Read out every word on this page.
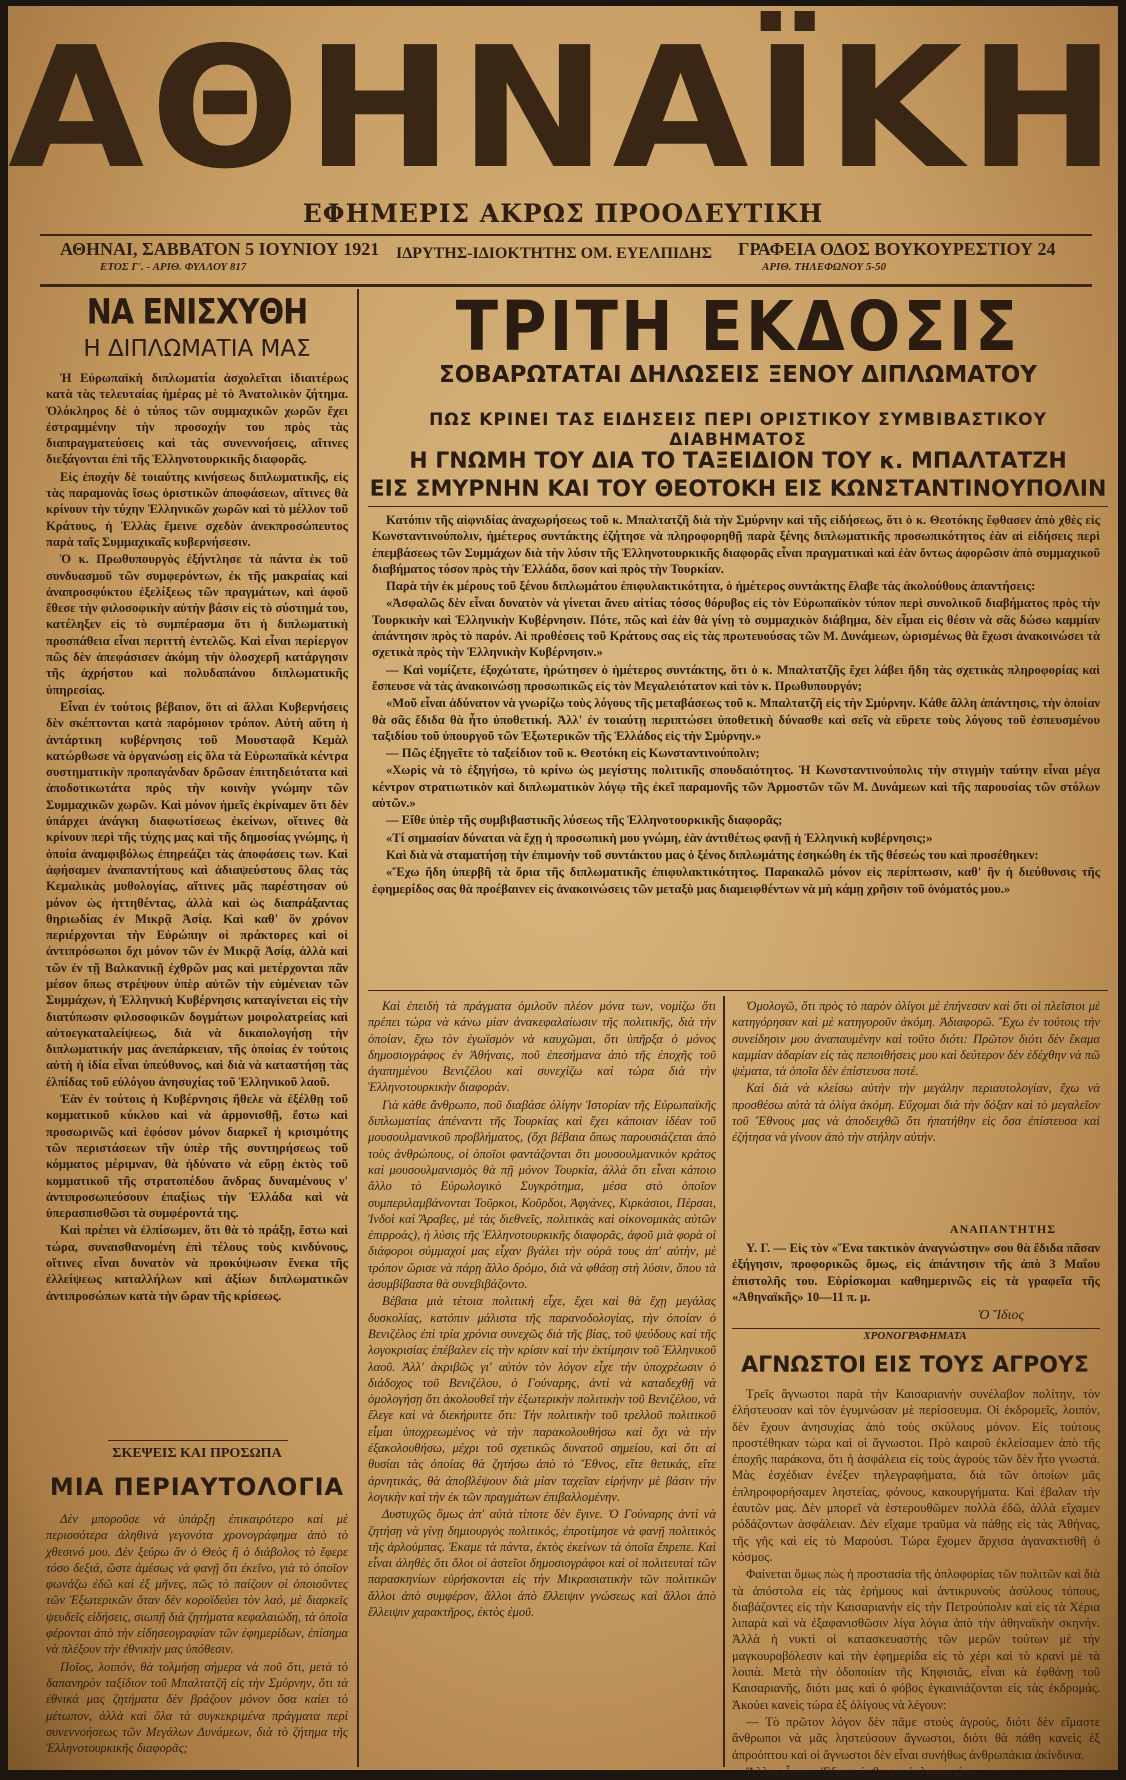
ΑΘΗΝΑΪΚΗ
ΕΦΗΜΕΡΙΣ ΑΚΡΩΣ ΠΡΟΟΔΕΥΤΙΚΗ
ΑΘΗΝΑΙ, ΣΑΒΒΑΤΟΝ 5 ΙΟΥΝΙΟΥ 1921
ΕΤΟΣ Γ'. - ΑΡΙΘ. ΦΥΛΛΟΥ 817
ΙΔΡΥΤΗΣ-ΙΔΙΟΚΤΗΤΗΣ ΟΜ. ΕΥΕΛΠΙΔΗΣ ΓΡΑΦΕΙΑ ΟΔΟΣ ΒΟΥΚΟΥΡΕΣΤΙΟΥ 24
ΑΡΙΘ. ΤΗΛΕΦΩΝΟΥ 5-50
ΝΑ ΕΝΙΣΧΥΘΗ
Η ΔΙΠΛΩΜΑΤΙΑ ΜΑΣ

Ἡ Εὐρωπαϊκὴ διπλωματία ἀσχολεῖται ἰδιαιτέρως κατὰ τὰς τελευταίας ἡμέρας μὲ τὸ Ἀνατολικὸν ζήτημα. Ὁλόκληρος δὲ ὁ τύπος τῶν συμμαχικῶν χωρῶν ἔχει ἐστραμμένην τὴν προσοχήν του πρὸς τὰς διαπραγματεύσεις καὶ τὰς συνεννοήσεις, αἵτινες διεξάγονται ἐπὶ τῆς Ἑλληνοτουρκικῆς διαφορᾶς.

Εἰς ἐποχὴν δὲ τοιαύτης κινήσεως διπλωματικῆς, εἰς τὰς παραμονὰς ἴσως ὁριστικῶν ἀποφάσεων, αἵτινες θὰ κρίνουν τὴν τύχην Ἑλληνικῶν χωρῶν καὶ τὸ μέλλον τοῦ Κράτους, ἡ Ἑλλὰς ἔμεινε σχεδὸν ἀνεκπροσώπευτος παρὰ ταῖς Συμμαχικαῖς κυβερνήσεσιν.

Ὁ κ. Πρωθυπουργὸς ἐξήντλησε τὰ πάντα ἐκ τοῦ συνδυασμοῦ τῶν συμφερόντων, ἐκ τῆς μακραίας καὶ ἀναπροσφύκτου ἐξελίξεως τῶν πραγμάτων, καὶ ἀφοῦ ἔθεσε τὴν φιλοσοφικὴν αὐτὴν βάσιν εἰς τὸ σύστημά του, κατέληξεν εἰς τὸ συμπέρασμα ὅτι ἡ διπλωματικὴ προσπάθεια εἶναι περιττὴ ἐντελῶς. Καὶ εἶναι περίεργον πῶς δὲν ἀπεφάσισεν ἀκόμη τὴν ὁλοσχερῆ κατάργησιν τῆς ἀχρήστου καὶ πολυδαπάνου διπλωματικῆς ὑπηρεσίας.

Εἶναι ἐν τούτοις βέβαιον, ὅτι αἱ ἄλλαι Κυβερνήσεις δὲν σκέπτονται κατὰ παρόμοιον τρόπον. Αὐτὴ αὕτη ἡ ἀντάρτικη κυβέρνησις τοῦ Μουσταφᾶ Κεμὰλ κατώρθωσε νὰ ὀργανώσῃ εἰς ὅλα τὰ Εὐρωπαϊκὰ κέντρα συστηματικὴν προπαγάνδαν δρῶσαν ἐπιτηδειότατα καὶ ἀποδοτικωτάτα πρὸς τὴν κοινὴν γνώμην τῶν Συμμαχικῶν χωρῶν. Καὶ μόνον ἡμεῖς ἐκρίναμεν ὅτι δὲν ὑπάρχει ἀνάγκη διαφωτίσεως ἐκείνων, οἵτινες θὰ κρίνουν περὶ τῆς τύχης μας καὶ τῆς δημοσίας γνώμης, ἡ ὁποία ἀναμφιβόλως ἐπηρεάζει τὰς ἀποφάσεις των. Καὶ ἀφήσαμεν ἀναπαντήτους καὶ ἀδιαψεύστους ὅλας τὰς Κεμαλικὰς μυθολογίας, αἵτινες μᾶς παρέστησαν οὐ μόνον ὡς ἡττηθέντας, ἀλλὰ καὶ ὡς διαπράξαντας θηριωδίας ἐν Μικρᾷ Ἀσίᾳ. Καὶ καθ' ὃν χρόνον περιέρχονται τὴν Εὐρώπην οἱ πράκτορες καὶ οἱ ἀντιπρόσωποι ὄχι μόνον τῶν ἐν Μικρᾷ Ἀσίᾳ, ἀλλὰ καὶ τῶν ἐν τῇ Βαλκανικῇ ἐχθρῶν μας καὶ μετέρχονται πᾶν μέσον ὅπως στρέψουν ὑπὲρ αὐτῶν τὴν εὐμένειαν τῶν Συμμάχων, ἡ Ἑλληνικὴ Κυβέρνησις καταγίνεται εἰς τὴν διατύπωσιν φιλοσοφικῶν δογμάτων μοιρολατρείας καὶ αὐτοεγκαταλείψεως, διὰ νὰ δικαιολογήσῃ τὴν διπλωματικήν μας ἀνεπάρκειαν, τῆς ὁποίας ἐν τούτοις αὐτὴ ἡ ἰδία εἶναι ὑπεύθυνος, καὶ διὰ νὰ καταστήσῃ τὰς ἐλπίδας τοῦ εὐλόγου ἀνησυχίας τοῦ Ἑλληνικοῦ λαοῦ.

Ἐὰν ἐν τούτοις ἡ Κυβέρνησις ἤθελε νὰ ἐξέλθῃ τοῦ κομματικοῦ κύκλου καὶ νὰ ἁρμονισθῇ, ἔστω καὶ προσωρινῶς καὶ ἐφόσον μόνον διαρκεῖ ἡ κρισιμότης τῶν περιστάσεων τῆν ὑπὲρ τῆς συντηρήσεως τοῦ κόμματος μέριμναν, θὰ ἠδύνατο νὰ εὕρῃ ἐκτὸς τοῦ κομματικοῦ τῆς στρατοπέδου ἄνδρας δυναμένους ν' ἀντιπροσωπεύσουν ἐπαξίως τὴν Ἑλλάδα καὶ νὰ ὑπερασπισθῶσι τὰ συμφέροντά της.

Καὶ πρέπει νὰ ἐλπίσωμεν, ὅτι θὰ τὸ πράξῃ, ἔστω καὶ τώρα, συναισθανομένη ἐπὶ τέλους τοὺς κινδύνους, οἵτινες εἶναι δυνατὸν νὰ προκύψωσιν ἕνεκα τῆς ἐλλείψεως καταλλήλων καὶ ἀξίων διπλωματικῶν ἀντιπροσώπων κατὰ τὴν ὥραν τῆς κρίσεως.

ΣΚΕΨΕΙΣ ΚΑΙ ΠΡΟΣΩΠΑ
ΜΙΑ ΠΕΡΙΑΥΤΟΛΟΓΙΑ

Δὲν μποροῦσε νὰ ὑπάρξῃ ἐπικαιρότερο καὶ μὲ περισσότερα ἀληθινὰ γεγονότα χρονογράφημα ἀπὸ τὸ χθεσινό μου. Δὲν ξεύρω ἂν ὁ Θεὸς ἢ ὁ διάβολος τὸ ἔφερε τόσο δεξιά, ὥστε ἀμέσως νὰ φανῇ ὅτι ἐκεῖνο, γιὰ τὸ ὁποῖον φωνάζω ἐδῶ καὶ ἐξ μῆνες, πῶς τὸ παίζουν οἱ ὁποιοῦντες τῶν Ἐξωτερικῶν ὅταν δὲν κοροϊδεύει τὸν λαό, μὲ διαρκεῖς ψευδεῖς εἰδήσεις, σιωπῇ διὰ ζητήματα κεφαλαιώδη, τὰ ὁποῖα φέρονται ἀπὸ τὴν εἰδησεογραφίαν τῶν ἐφημερίδων, ἐπίσημα νὰ πλέξουν τὴν ἐθνικήν μας ὑπόθεσιν.

Ποῖος, λοιπόν, θὰ τολμήσῃ σήμερα νὰ ποῦ ὅτι, μετὰ τὸ δαπανηρὸν ταξίδιον τοῦ Μπαλτατζῆ εἰς τὴν Σμύρνην, ὅτι τὰ ἐθνικά μας ζητήματα δὲν βράζουν μόνον ὅσα καίει τὸ μέτωπον, ἀλλὰ καὶ ὅλα τὰ συγκεκριμένα πράγματα περὶ συνεννοήσεως τῶν Μεγάλων Δυνάμεων, διὰ τὸ ζήτημα τῆς Ἑλληνοτουρκικῆς διαφορᾶς;

ΤΡΙΤΗ ΕΚΔΟΣΙΣ
ΣΟΒΑΡΩΤΑΤΑΙ ΔΗΛΩΣΕΙΣ ΞΕΝΟΥ ΔΙΠΛΩΜΑΤΟΥ
ΠΩΣ ΚΡΙΝΕΙ ΤΑΣ ΕΙΔΗΣΕΙΣ ΠΕΡΙ ΟΡΙΣΤΙΚΟΥ ΣΥΜΒΙΒΑΣΤΙΚΟΥ ΔΙΑΒΗΜΑΤΟΣ
Η ΓΝΩΜΗ ΤΟΥ ΔΙΑ ΤΟ ΤΑΞΕΙΔΙΟΝ ΤΟΥ κ. ΜΠΑΛΤΑΤΖΗ
ΕΙΣ ΣΜΥΡΝΗΝ ΚΑΙ ΤΟΥ ΘΕΟΤΟΚΗ ΕΙΣ ΚΩΝΣΤΑΝΤΙΝΟΥΠΟΛΙΝ

Κατόπιν τῆς αἰφνιδίας ἀναχωρήσεως τοῦ κ. Μπαλτατζῆ διὰ τὴν Σμύρνην καὶ τῆς εἰδήσεως, ὅτι ὁ κ. Θεοτόκης ἔφθασεν ἀπὸ χθὲς εἰς Κωνσταντινούπολιν, ἡμέτερος συντάκτης ἐζήτησε νὰ πληροφορηθῇ παρὰ ξένης διπλωματικῆς προσωπικότητος ἐὰν αἱ εἰδήσεις περὶ ἐπεμβάσεως τῶν Συμμάχων διὰ τὴν λύσιν τῆς Ἑλληνοτουρκικῆς διαφορᾶς εἶναι πραγματικαὶ καὶ ἐὰν ὄντως ἀφορῶσιν ἀπὸ συμμαχικοῦ διαβήματος τόσον πρὸς τὴν Ἑλλάδα, ὅσον καὶ πρὸς τὴν Τουρκίαν.

Παρὰ τὴν ἐκ μέρους τοῦ ξένου διπλωμάτου ἐπιφυλακτικότητα, ὁ ἡμέτερος συντάκτης ἔλαβε τὰς ἀκολούθους ἀπαντήσεις:

«Ἀσφαλῶς δὲν εἶναι δυνατὸν νὰ γίνεται ἄνευ αἰτίας τόσος θόρυβος εἰς τὸν Εὐρωπαϊκὸν τύπον περὶ συνολικοῦ διαβήματος πρὸς τὴν Τουρκικὴν καὶ Ἑλληνικὴν Κυβέρνησιν. Πότε, πῶς καὶ ἐὰν θὰ γίνῃ τὸ συμμαχικὸν διάβημα, δὲν εἶμαι εἰς θέσιν νὰ σᾶς δώσω καμμίαν ἀπάντησιν πρὸς τὸ παρόν. Αἱ προθέσεις τοῦ Κράτους σας εἰς τὰς πρωτευούσας τῶν Μ. Δυνάμεων, ὡρισμένως θὰ ἔχωσι ἀνακοινώσει τὰ σχετικὰ πρὸς τὴν Ἑλληνικὴν Κυβέρνησιν.»

— Καὶ νομίζετε, ἐξοχώτατε, ἠρώτησεν ὁ ἡμέτερος συντάκτης, ὅτι ὁ κ. Μπαλτατζῆς ἔχει λάβει ἤδη τὰς σχετικὰς πληροφορίας καὶ ἔσπευσε νὰ τὰς ἀνακοινώσῃ προσωπικῶς εἰς τὸν Μεγαλειότατον καὶ τὸν κ. Πρωθυπουργόν;

«Μοῦ εἶναι ἀδύνατον νὰ γνωρίζω τοὺς λόγους τῆς μεταβάσεως τοῦ κ. Μπαλτατζῆ εἰς τὴν Σμύρνην. Κάθε ἄλλη ἀπάντησις, τὴν ὁποίαν θὰ σᾶς ἔδιδα θὰ ἦτο ὑποθετική. Ἀλλ' ἐν τοιαύτῃ περιπτώσει ὑποθετικὴ δύνασθε καὶ σεῖς νὰ εὕρετε τοὺς λόγους τοῦ ἐσπευσμένου ταξιδίου τοῦ ὑπουργοῦ τῶν Ἐξωτερικῶν τῆς Ἑλλάδος εἰς τὴν Σμύρνην.»

— Πῶς ἐξηγεῖτε τὸ ταξείδιον τοῦ κ. Θεοτόκη εἰς Κωνσταντινούπολιν;

«Χωρὶς νὰ τὸ ἐξηγήσω, τὸ κρίνω ὡς μεγίστης πολιτικῆς σπουδαιότητος. Ἡ Κωνσταντινούπολις τὴν στιγμὴν ταύτην εἶναι μέγα κέντρον στρατιωτικὸν καὶ διπλωματικὸν λόγῳ τῆς ἐκεῖ παραμονῆς τῶν Ἁρμοστῶν τῶν Μ. Δυνάμεων καὶ τῆς παρουσίας τῶν στόλων αὐτῶν.»

— Εἴθε ὑπὲρ τῆς συμβιβαστικῆς λύσεως τῆς Ἑλληνοτουρκικῆς διαφορᾶς;

«Τί σημασίαν δύναται νὰ ἔχῃ ἡ προσωπικὴ μου γνώμη, ἐὰν ἀντιθέτως φανῇ ἡ Ἑλληνικὴ κυβέρνησις;»

Καὶ διὰ νὰ σταματήσῃ τὴν ἐπιμονὴν τοῦ συντάκτου μας ὁ ξένος διπλωμάτης ἐσηκώθη ἐκ τῆς θέσεώς του καὶ προσέθηκεν:

«Ἔχω ἤδη ὑπερβῆ τὰ ὅρια τῆς διπλωματικῆς ἐπιφυλακτικότητος. Παρακαλῶ μόνον εἰς περίπτωσιν, καθ' ἣν ἡ διεύθυνσις τῆς ἐφημερίδος σας θὰ προέβαινεν εἰς ἀνακοινώσεις τῶν μεταξὺ μας διαμειφθέντων νὰ μὴ κάμῃ χρῆσιν τοῦ ὀνόματός μου.»

Καὶ ἐπειδὴ τὰ πράγματα ὁμιλοῦν πλέον μόνα των, νομίζω ὅτι πρέπει τώρα νὰ κάνω μίαν ἀνακεφαλαίωσιν τῆς πολιτικῆς, διὰ τὴν ὁποίαν, ἔχω τὸν ἐγωϊσμὸν νὰ καυχῶμαι, ὅτι ὑπῆρξα ὁ μόνος δημοσιογράφος ἐν Ἀθήναις, ποῦ ἐπεσήμανα ἀπὸ τῆς ἐποχῆς τοῦ ἀγαπημένου Βενιζέλου καὶ συνεχίζω καὶ τώρα διὰ τὴν Ἑλληνοτουρκικὴν διαφοράν.

Γιὰ κάθε ἄνθρωπο, ποῦ διαβάσε ὀλίγην Ἱστορίαν τῆς Εὐρωπαϊκῆς διπλωματίας ἀπέναντι τῆς Τουρκίας καὶ ἔχει κάποιαν ἰδέαν τοῦ μουσουλμανικοῦ προβλήματος, (ὄχι βέβαια ὅπως παρουσιάζεται ἀπὸ τοὺς ἀνθρώπους, οἱ ὁποῖοι φαντάζονται ὅτι μουσουλμανικὸν κράτος καὶ μουσουλμανισμὸς θὰ πῇ μόνον Τουρκία, ἀλλὰ ὅτι εἶναι κάποιο ἄλλο τὸ Εὐρωλογικὸ Συγκρότημα, μέσα στὸ ὁποῖον συμπεριλαμβάνονται Τοῦρκοι, Κοῦρδοι, Ἀφγάνες, Κιρκάσιοι, Πέρσαι, Ἰνδοὶ καὶ Ἄραβες, μὲ τὰς διεθνεῖς, πολιτικὰς καὶ οἰκονομικὰς αὐτῶν ἐπιρροάς), ἡ λύσις τῆς Ἑλληνοτουρκικῆς διαφορᾶς, ἀφοῦ μιὰ φορὰ οἱ διάφοροι σύμμαχοί μας εἶχαν βγάλει τὴν οὐρά τους ἀπ' αὐτὴν, μὲ τρόπον ὥρισε νὰ πάρῃ ἄλλο δρόμο, διὰ νὰ φθάσῃ στὴ λύσιν, ὅπου τὰ ἀσυμβίβαστα θὰ συνεβιβάζοντο.

Βέβαια μιὰ τέτοια πολιτικὴ εἶχε, ἔχει καὶ θὰ ἔχῃ μεγάλας δυσκολίας, κατόπιν μάλιστα τῆς παρανοδολογίας, τὴν ὁποίαν ὁ Βενιζέλος ἐπὶ τρία χρόνια συνεχῶς διὰ τῆς βίας, τοῦ ψεύδους καὶ τῆς λογοκρισίας ἐπέβαλεν εἰς τὴν κρίσιν καὶ τὴν ἐκτίμησιν τοῦ Ἑλληνικοῦ λαοῦ. Ἀλλ' ἀκριβῶς γι' αὐτὸν τὸν λόγον εἶχε τὴν ὑποχρέωσιν ὁ διάδοχος τοῦ Βενιζέλου, ὁ Γούναρης, ἀντὶ νὰ καταδεχθῇ νὰ ὁμολογήσῃ ὅτι ἀκολουθεῖ τὴν ἐξωτερικὴν πολιτικὴν τοῦ Βενιζέλου, νὰ ἔλεγε καὶ νὰ διεκήρυττε ὅτι: Τὴν πολιτικὴν τοῦ τρελλοῦ πολιτικοῦ εἶμαι ὑποχρεωμένος νὰ τὴν παρακολουθήσω καὶ ὄχι νὰ τὴν ἐξακολουθήσω, μέχρι τοῦ σχετικῶς δυνατοῦ σημείου, καὶ ὅτι αἱ θυσίαι τὰς ὁποίας θὰ ζητήσω ἀπὸ τὸ Ἔθνος, εἴτε θετικάς, εἴτε ἀρνητικάς, θὰ ἀποβλέψουν διὰ μίαν ταχεῖαν εἰρήνην μὲ βάσιν τὴν λογικὴν καὶ τὴν ἐκ τῶν πραγμάτων ἐπιβαλλομένην.

Δυστυχῶς ὅμως ἀπ' αὐτὰ τίποτε δὲν ἔγινε. Ὁ Γούναρης ἀντὶ νὰ ζητήσῃ νὰ γίνῃ δημιουργὸς πολιτικός, ἐπροτίμησε νὰ φανῇ πολιτικὸς τῆς ἀρλούμπας. Ἐκαμε τὰ πάντα, ἐκτὸς ἐκείνων τὰ ὁποῖα ἔπρεπε. Καὶ εἶναι ἀληθὲς ὅτι ὅλοι οἱ ἀστεῖοι δημοσιογράφοι καὶ οἱ πολιτευταὶ τῶν παρασκηνίων εὑρήσκονται εἰς τὴν Μικρασιατικὴν τῶν πολιτικῶν ἄλλοι ἀπὸ συμφέρον, ἄλλοι ἀπὸ ἔλλειψιν γνώσεως καὶ ἄλλοι ἀπὸ ἔλλειψιν χαρακτῆρος, ἐκτὸς ἐμοῦ.

Ὁμολογῶ, ὅτι πρὸς τὸ παρὸν ὀλίγοι μὲ ἐπήνεσαν καὶ ὅτι οἱ πλεῖστοι μὲ κατηγόρησαν καὶ μὲ κατηγοροῦν ἀκόμη. Ἀδιαφορῶ. Ἔχω ἐν τούτοις τὴν συνείδησιν μου ἀναπαυμένην καὶ τοῦτο διότι: Πρῶτον διότι δὲν ἔκαμα καμμίαν ἀδαρίαν εἰς τὰς πεποιθήσεις μου καὶ δεύτερον δὲν ἐδέχθην νὰ πῶ ψέματα, τὰ ὁποῖα δὲν ἐπίστευσα ποτέ.

Καὶ διὰ νὰ κλείσω αὐτὴν τὴν μεγάλην περιαυτολογίαν, ἔχω νὰ προσθέσω αὐτὰ τὰ ὀλίγα ἀκόμη. Εὔχομαι διὰ τὴν δόξαν καὶ τὸ μεγαλεῖον τοῦ Ἔθνους μας νὰ ἀποδειχθῶ ὅτι ἠπατήθην εἰς ὅσα ἐπίστευσα καὶ ἐζήτησα νὰ γίνουν ἀπὸ τὴν στήλην αὐτήν.

ΑΝΑΠΑΝΤΗΤΗΣ

Υ. Γ. — Εἰς τὸν «Ἕνα τακτικὸν ἀναγνώστην» σου θὰ ἔδιδα πᾶσαν ἐξήγησιν, προφορικῶς ὅμως, εἰς ἀπάντησιν τῆς ἀπὸ 3 Μαΐου ἐπιστολῆς του. Εὑρίσκομαι καθημερινῶς εἰς τὰ γραφεῖα τῆς «Ἀθηναϊκῆς» 10—11 π. μ.

Ὁ Ἴδιος
ΧΡΟΝΟΓΡΑΦΗΜΑΤΑ
ΑΓΝΩΣΤΟΙ ΕΙΣ ΤΟΥΣ ΑΓΡΟΥΣ

Τρεῖς ἄγνωστοι παρὰ τὴν Καισαριανὴν συνέλαβον πολίτην, τὸν ἐλήστευσαν καὶ τὸν ἐγυμνώσαν μὲ περίσσευμα. Οἱ ἐκδρομεῖς, λοιπόν, δὲν ἔχουν ἀνησυχίας ἀπὸ τοὺς σκύλους μόνον. Εἰς τούτους προστέθηκαν τώρα καὶ οἱ ἄγνωστοι. Πρὸ καιροῦ ἐκλείσαμεν ἀπὸ τῆς ἐποχῆς παράκονα, ὅτι ἡ ἀσφάλεια εἰς τοὺς ἀγροὺς τῶν δὲν ἦτο γνωστά. Μὰς ἐσχέδιαν ἐνέξεν τηλεγραφήματα, διὰ τῶν ὁποίων μᾶς ἐπληροφορήσαμεν ληστείας, φόνους, κακουργήματα. Καὶ ἐβαλαν τὴν ἐαυτῶν μας. Δὲν μπορεῖ νὰ ἐστερουθῶμεν πολλὰ ἐδῶ, ἀλλὰ εἴχαμεν ρόδάζοντων ἀσφάλειαν. Δὲν εἴχαμε τραῦμα νὰ πάθῃς εἰς τὰς Ἀθήνας, τῆς γῆς καὶ εἰς τὸ Μαρούσι. Τώρα ἔχομεν ἄρχισα ἀγανακτισθῆ ὁ κόσμος.

Φαίνεται ὅμως πὼς ἡ προστασία τῆς ὁπλοφορίας τῶν πολιτῶν καὶ διὰ τὰ ἀπόστολα εἰς τὰς ἐρήμους καὶ ἀντικρυνοὺς ἀσύλους τόπους, διαβάζοντες εἰς τὴν Καισαριανὴν εἰς τὴν Πετρούπολιν καὶ εἰς τὰ Χέρια λιπαρὰ καὶ νὰ ἐξαφανισθῶσιν λίγα λόγια ἀπὸ τὴν ἀθηναϊκὴν σκηνήν. Ἀλλὰ ἡ νυκτὶ οἱ κατασκευαστὴς τῶν μερῶν τούτων μὲ τὴν μαγκουροβόλεσιν καὶ τὴν ἐφημερίδα εἰς τὸ χέρι καὶ τὸ κρανὶ μὲ τὰ λοιπὰ. Μετὰ τὴν ὁδοποιίαν τῆς Κηφισιᾶς, εἶναι κὰ ἐφθάνῃ τοῦ Καισαριανῆς, διότι μας καὶ ὁ φόβος ἐγκαινιάζονται εἰς τὰς ἐκδρομάς. Ἀκούει κανεὶς τώρα ἐξ ὀλίγους νὰ λέγουν:

— Τὸ πρῶτον λόγον δὲν πᾶμε στοὺς ἀγρούς, διότι δὲν εἴμαστε ἄνθρωποι νὰ μᾶς ληστεύσουν ἄγνωστοι, διότι θὰ πάθη κανεὶς ἐξ ἀπροόπτου καὶ οἱ ἄγνωστοι δὲν εἶναι συνήθως ἀνθρωπάκια ἀκίνδυνα.

Ἄλλοι εἶπαν: «Ἐδοκιμάσθησαν ὁπλοφοριών».
